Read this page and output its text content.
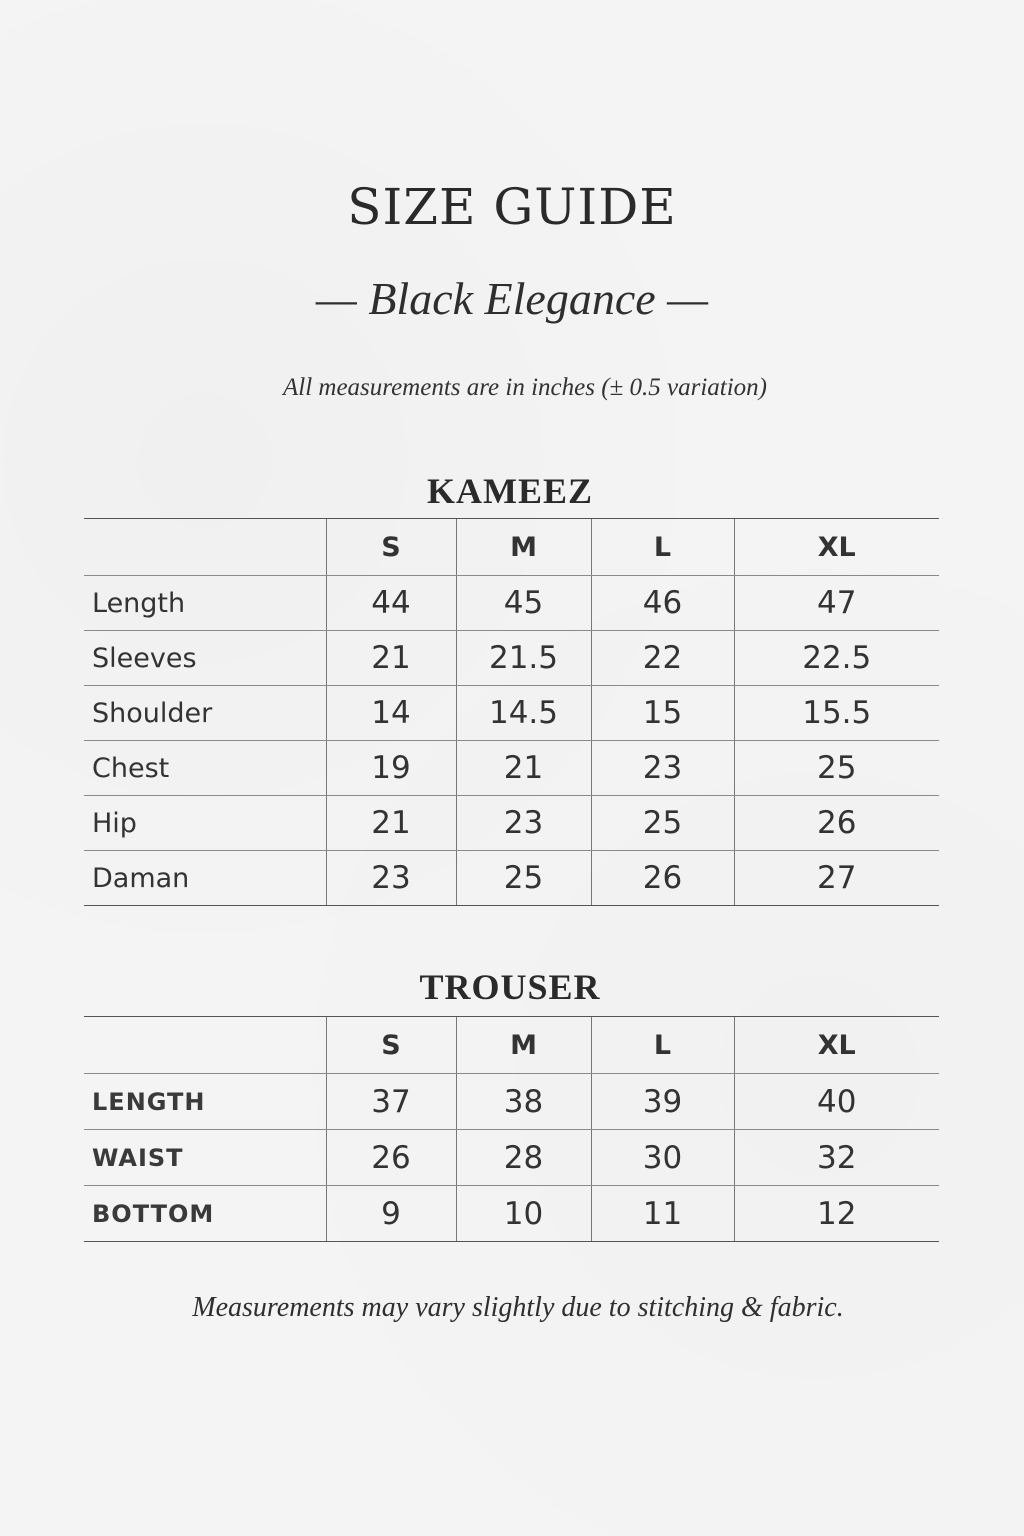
SIZE GUIDE
— Black Elegance —
All measurements are in inches (± 0.5 variation)
KAMEEZ
	S	M	L	XL
Length	44	45	46	47
Sleeves	21	21.5	22	22.5
Shoulder	14	14.5	15	15.5
Chest	19	21	23	25
Hip	21	23	25	26
Daman	23	25	26	27
TROUSER
	S	M	L	XL
LENGTH	37	38	39	40
WAIST	26	28	30	32
BOTTOM	9	10	11	12
Measurements may vary slightly due to stitching & fabric.
